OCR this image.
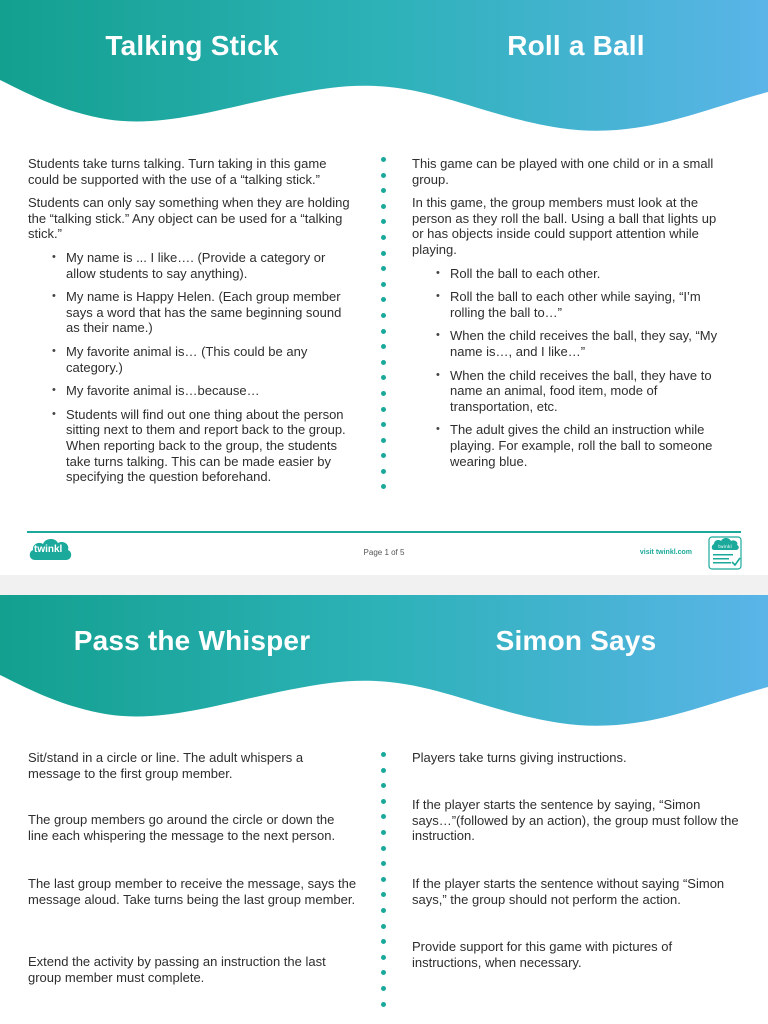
Talking Stick	Roll a Ball

Students take turns talking. Turn taking in this game could be supported with the use of a “talking stick.”

Students can only say something when they are holding the “talking stick.” Any object can be used for a “talking stick.”

• My name is ... I like…. (Provide a category or allow students to say anything).
• My name is Happy Helen. (Each group member says a word that has the same beginning sound as their name.)
• My favorite animal is… (This could be any category.)
• My favorite animal is…because…
• Students will find out one thing about the person sitting next to them and report back to the group. When reporting back to the group, the students take turns talking. This can be made easier by specifying the question beforehand.

This game can be played with one child or in a small group.

In this game, the group members must look at the person as they roll the ball. Using a ball that lights up or has objects inside could support attention while playing.

• Roll the ball to each other.
• Roll the ball to each other while saying, “I’m rolling the ball to…”
• When the child receives the ball, they say, “My name is…, and I like…”
• When the child receives the ball, they have to name an animal, food item, mode of transportation, etc.
• The adult gives the child an instruction while playing. For example, roll the ball to someone wearing blue.
twinkl	Page 1 of 5	visit twinkl.com
twinkl
Pass the Whisper	Simon Says
Sit/stand in a circle or line. The adult whispers a message to the first group member.
The group members go around the circle or down the line each whispering the message to the next person.
The last group member to receive the message, says the message aloud. Take turns being the last group member.
Extend the activity by passing an instruction the last group member must complete.
Players take turns giving instructions.
If the player starts the sentence by saying, “Simon says…”(followed by an action), the group must follow the instruction.
If the player starts the sentence without saying “Simon says,” the group should not perform the action.
Provide support for this game with pictures of instructions, when necessary.
